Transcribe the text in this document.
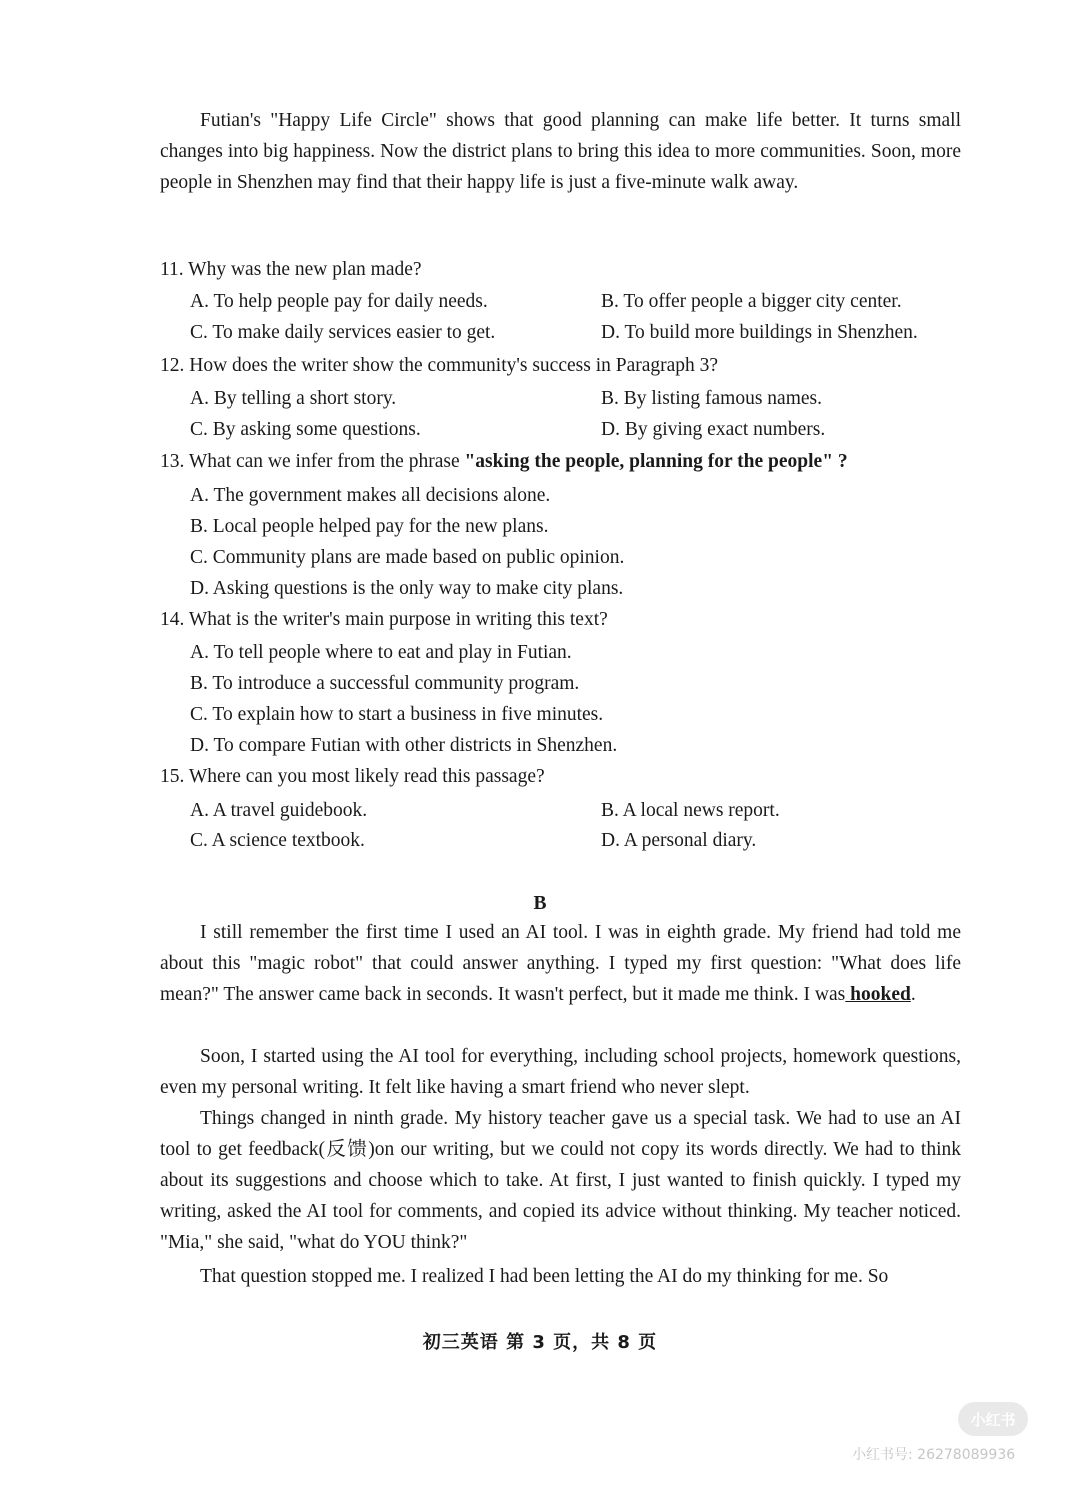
Futian's "Happy Life Circle" shows that good planning can make life better. It turns small changes into big happiness. Now the district plans to bring this idea to more communities. Soon, more people in Shenzhen may find that their happy life is just a five-minute walk away.

11. Why was the new plan made?

A. To help people pay for daily needs.	B. To offer people a bigger city center.

C. To make daily services easier to get.	D. To build more buildings in Shenzhen.

12. How does the writer show the community's success in Paragraph 3?

A. By telling a short story.	B. By listing famous names.

C. By asking some questions.	D. By giving exact numbers.

13. What can we infer from the phrase "asking the people, planning for the people" ?

A. The government makes all decisions alone.

B. Local people helped pay for the new plans.

C. Community plans are made based on public opinion.

D. Asking questions is the only way to make city plans.

14. What is the writer's main purpose in writing this text?

A. To tell people where to eat and play in Futian.

B. To introduce a successful community program.

C. To explain how to start a business in five minutes.

D. To compare Futian with other districts in Shenzhen.

15. Where can you most likely read this passage?

A. A travel guidebook.	B. A local news report.

C. A science textbook.	D. A personal diary.

B

I still remember the first time I used an AI tool. I was in eighth grade. My friend had told me about this "magic robot" that could answer anything. I typed my first question: "What does life mean?" The answer came back in seconds. It wasn't perfect, but it made me think. I was hooked.

Soon, I started using the AI tool for everything, including school projects, homework questions, even my personal writing. It felt like having a smart friend who never slept.

Things changed in ninth grade. My history teacher gave us a special task. We had to use an AI tool to get feedback(反馈)on our writing, but we could not copy its words directly. We had to think about its suggestions and choose which to take. At first, I just wanted to finish quickly. I typed my writing, asked the AI tool for comments, and copied its advice without thinking. My teacher noticed. "Mia," she said, "what do YOU think?"

That question stopped me. I realized I had been letting the AI do my thinking for me. So

初三英语 第 3 页，共 8 页

小红书

小红书号: 26278089936
